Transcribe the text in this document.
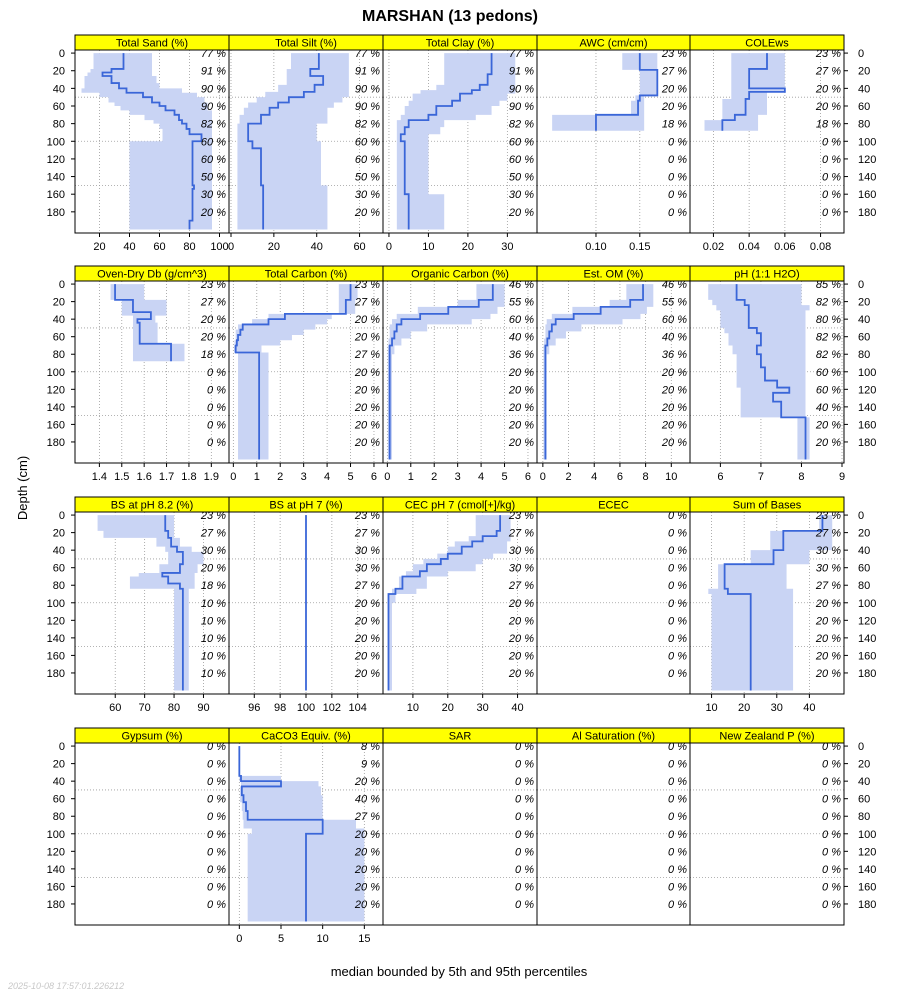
MARSHAN (13 pedons)
Total Sand (%)
77 %
91 %
90 %
90 %
82 %
60 %
60 %
50 %
30 %
20 %
20 40 60 80 100
0
20
40
60
80
100
120
140
160
180
Total Silt (%)
77 %
91 %
90 %
90 %
82 %
60 %
60 %
50 %
30 %
20 %
0	20	40	60
Total Clay (%)
77 %
91 %
90 %
90 %
82 %
60 %
60 %
50 %
30 %
20 %
0	10 20 30
AWC (cm/cm)
23 %
27 %
20 %
20 %
18 %
0 %
0 %
0 %
0 %
0 %
0.10 0.15
COLEws
23 %
27 %
20 %
20 %
18 %
0 %
0 %
0 %
0 %
0 %
0.02 0.04 0.06 0.08
0
20
40
60
80
100
120
140
160
180
Oven-Dry Db (g/cm^3)
23 %
27 %
20 %
20 %
18 %
0 %
0 %
0 %
0 %
0 %
1.4 1.5 1.6 1.7 1.8 1.9
0
20
40
60
80
100
120
140
160
180
Total Carbon (%)
23 %
27 %
20 %
20 %
27 %
20 %
20 %
20 %
20 %
20 %
0 1 2 3 4 5 6
Organic Carbon (%)
46 %
55 %
60 %
40 %
36 %
20 %
20 %
20 %
20 %
20 %
0 1 2 3 4 5 6
Est. OM (%)
46 %
55 %
60 %
40 %
36 %
20 %
20 %
20 %
20 %
20 %
0 2 4 6 8 10
pH (1:1 H2O)
85 %
82 %
80 %
82 %
82 %
60 %
60 %
40 %
20 %
20 %
6	7	8	9
0
20
40
60
80
100
120
140
160
180
BS at pH 8.2 (%)
23 %
27 %
30 %
20 %
18 %
10 %
10 %
10 %
10 %
10 %
60 70 80 90
0
20
40
60
80
100
120
140
160
180
BS at pH 7 (%)
23 %
27 %
30 %
30 %
27 %
20 %
20 %
20 %
20 %
20 %
96 98 100 102 104
CEC pH 7 (cmol[+]/kg)
23 %
27 %
30 %
30 %
27 %
20 %
20 %
20 %
20 %
20 %
10 20 30 40
ECEC
0 %
0 %
0 %
0 %
0 %
0 %
0 %
0 %
0 %
0 %
Sum of Bases
23 %
27 %
30 %
30 %
27 %
20 %
20 %
20 %
20 %
20 %
10 20 30 40
0
20
40
60
80
100
120
140
160
180
Gypsum (%)
0 %
0 %
0 %
0 %
0 %
0 %
0 %
0 %
0 %
0 %
0
20
40
60
80
100
120
140
160
180
CaCO3 Equiv. (%)
8 %
9 %
20 %
40 %
27 %
20 %
20 %
20 %
20 %
20 %
0	5	10	15
SAR
0 %
0 %
0 %
0 %
0 %
0 %
0 %
0 %
0 %
0 %
Al Saturation (%)
0 %
0 %
0 %
0 %
0 %
0 %
0 %
0 %
0 %
0 %
New Zealand P (%)
0 %
0 %
0 %
0 %
0 %
0 %
0 %
0 %
0 %
0 %
0
20
40
60
80
100
120
140
160
180
median bounded by 5th and 95th percentiles
Depth (cm)
2025-10-08 17:57:01.226212
